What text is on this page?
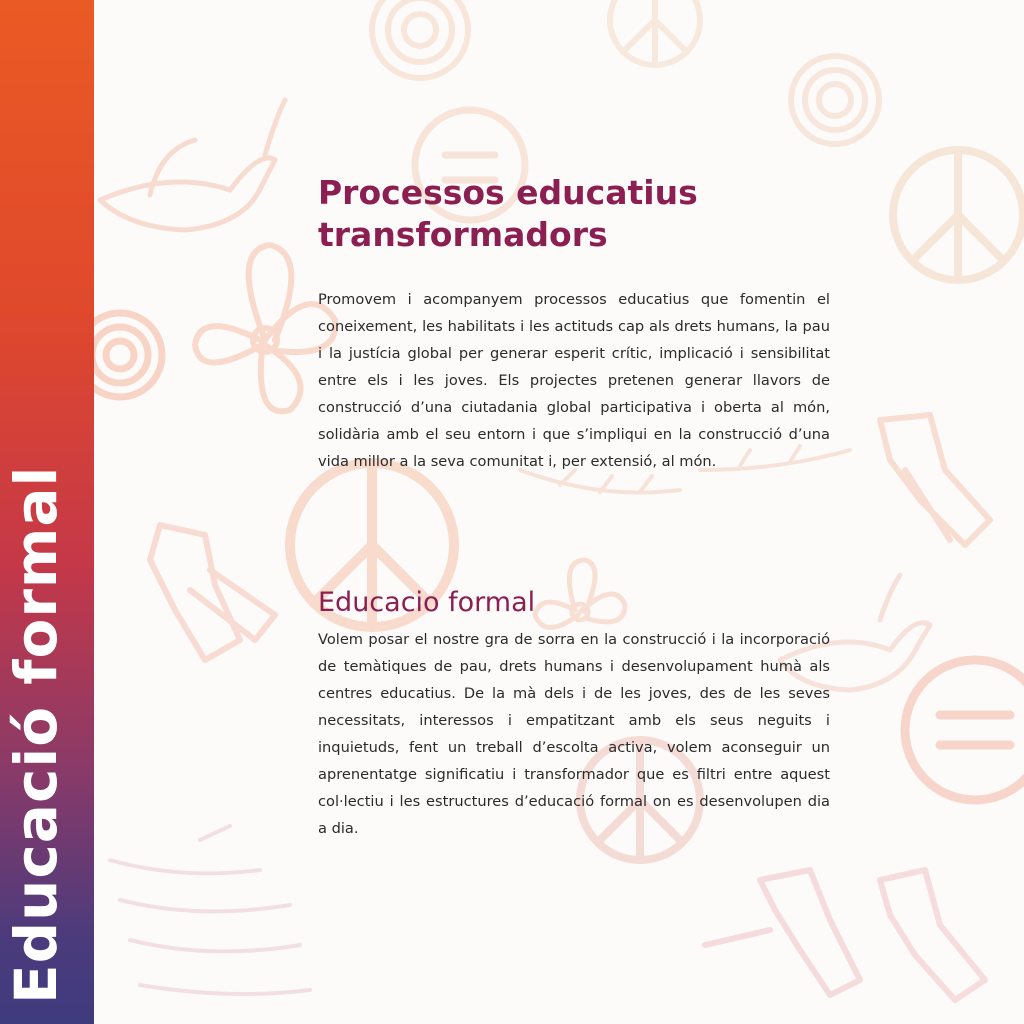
Educació formal
Processos educatius transformadors

Promovem i acompanyem processos educatius que fomentin el coneixement, les habilitats i les actituds cap als drets humans, la pau i la justícia global per generar esperit crític, implicació i sensibilitat entre els i les joves. Els projectes pretenen generar llavors de construcció d’una ciutadania global participativa i oberta al món, solidària amb el seu entorn i que s’impliqui en la construcció d’una vida millor a la seva comunitat i, per extensió, al món.

Educacio formal

Volem posar el nostre gra de sorra en la construcció i la incorporació de temàtiques de pau, drets humans i desenvolupament humà als centres educatius. De la mà dels i de les joves, des de les seves necessitats, interessos i empatitzant amb els seus neguits i inquietuds, fent un treball d’escolta activa, volem aconseguir un aprenentatge significatiu i transformador que es filtri entre aquest col·lectiu i les estructures d’educació formal on es desenvolupen dia a dia.
